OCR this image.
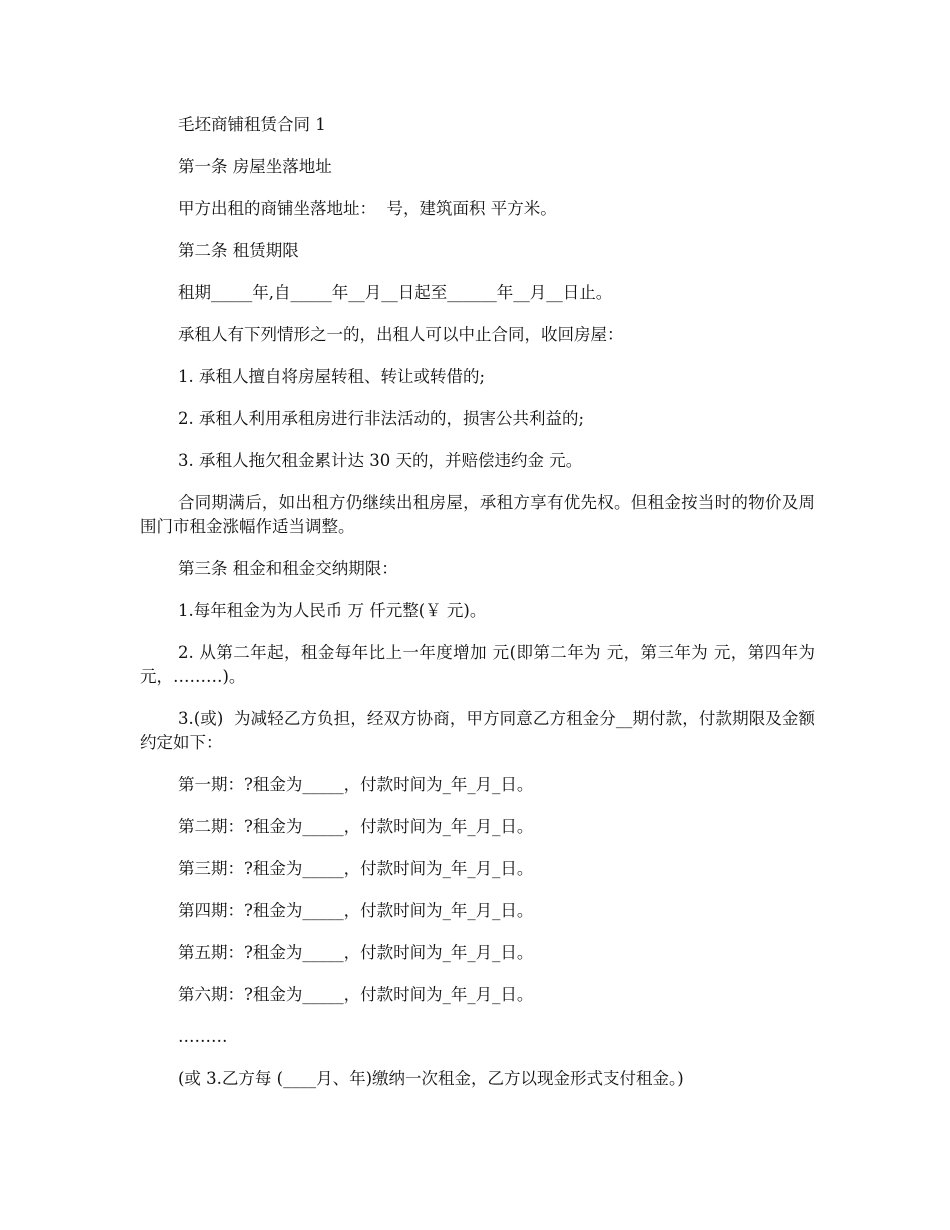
毛坯商铺租赁合同 1

第一条 房屋坐落地址

甲方出租的商铺坐落地址：  号，建筑面积 平方米。

第二条 租赁期限

租期_____年,自_____年__月__日起至______年__月__日止。

承租人有下列情形之一的，出租人可以中止合同，收回房屋：

1. 承租人擅自将房屋转租、转让或转借的;

2. 承租人利用承租房进行非法活动的，损害公共利益的;

3. 承租人拖欠租金累计达 30 天的，并赔偿违约金 元。

合同期满后，如出租方仍继续出租房屋，承租方享有优先权。但租金按当时的物价及周围门市租金涨幅作适当调整。

第三条 租金和租金交纳期限：

1.每年租金为为人民币 万 仟元整(￥ 元)。

2. 从第二年起，租金每年比上一年度增加 元(即第二年为 元，第三年为 元，第四年为 元，………)。

3.(或)  为减轻乙方负担，经双方协商，甲方同意乙方租金分__期付款，付款期限及金额约定如下：

第一期：?租金为_____，付款时间为_年_月_日。

第二期：?租金为_____，付款时间为_年_月_日。

第三期：?租金为_____，付款时间为_年_月_日。

第四期：?租金为_____，付款时间为_年_月_日。

第五期：?租金为_____，付款时间为_年_月_日。

第六期：?租金为_____，付款时间为_年_月_日。

………

(或 3.乙方每 (____月、年)缴纳一次租金，乙方以现金形式支付租金。)
